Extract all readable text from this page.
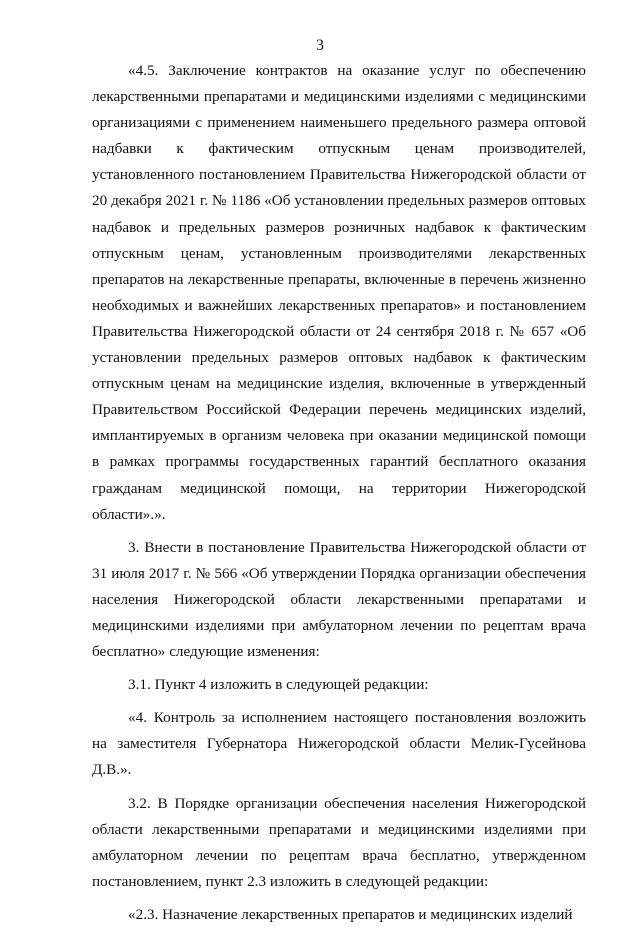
3

«4.5. Заключение контрактов на оказание услуг по обеспечению лекарственными препаратами и медицинскими изделиями с медицинскими организациями с применением наименьшего предельного размера оптовой надбавки к фактическим отпускным ценам производителей, установленного постановлением Правительства Нижегородской области от 20 декабря 2021 г. № 1186 «Об установлении предельных размеров оптовых надбавок и предельных размеров розничных надбавок к фактическим отпускным ценам, установленным производителями лекарственных препаратов на лекарственные препараты, включенные в перечень жизненно необходимых и важнейших лекарственных препаратов» и постановлением Правительства Нижегородской области от 24 сентября 2018 г. № 657 «Об установлении предельных размеров оптовых надбавок к фактическим отпускным ценам на медицинские изделия, включенные в утвержденный Правительством Российской Федерации перечень медицинских изделий, имплантируемых в организм человека при оказании медицинской помощи в рамках программы государственных гарантий бесплатного оказания гражданам медицинской помощи, на территории Нижегородской области».».

3. Внести в постановление Правительства Нижегородской области от 31 июля 2017 г. № 566 «Об утверждении Порядка организации обеспечения населения Нижегородской области лекарственными препаратами и медицинскими изделиями при амбулаторном лечении по рецептам врача бесплатно» следующие изменения:

3.1. Пункт 4 изложить в следующей редакции:

«4. Контроль за исполнением настоящего постановления возложить на заместителя Губернатора Нижегородской области Мелик-Гусейнова Д.В.».

3.2. В Порядке организации обеспечения населения Нижегородской области лекарственными препаратами и медицинскими изделиями при амбулаторном лечении по рецептам врача бесплатно, утвержденном постановлением, пункт 2.3 изложить в следующей редакции:

«2.3. Назначение лекарственных препаратов и медицинских изделий
